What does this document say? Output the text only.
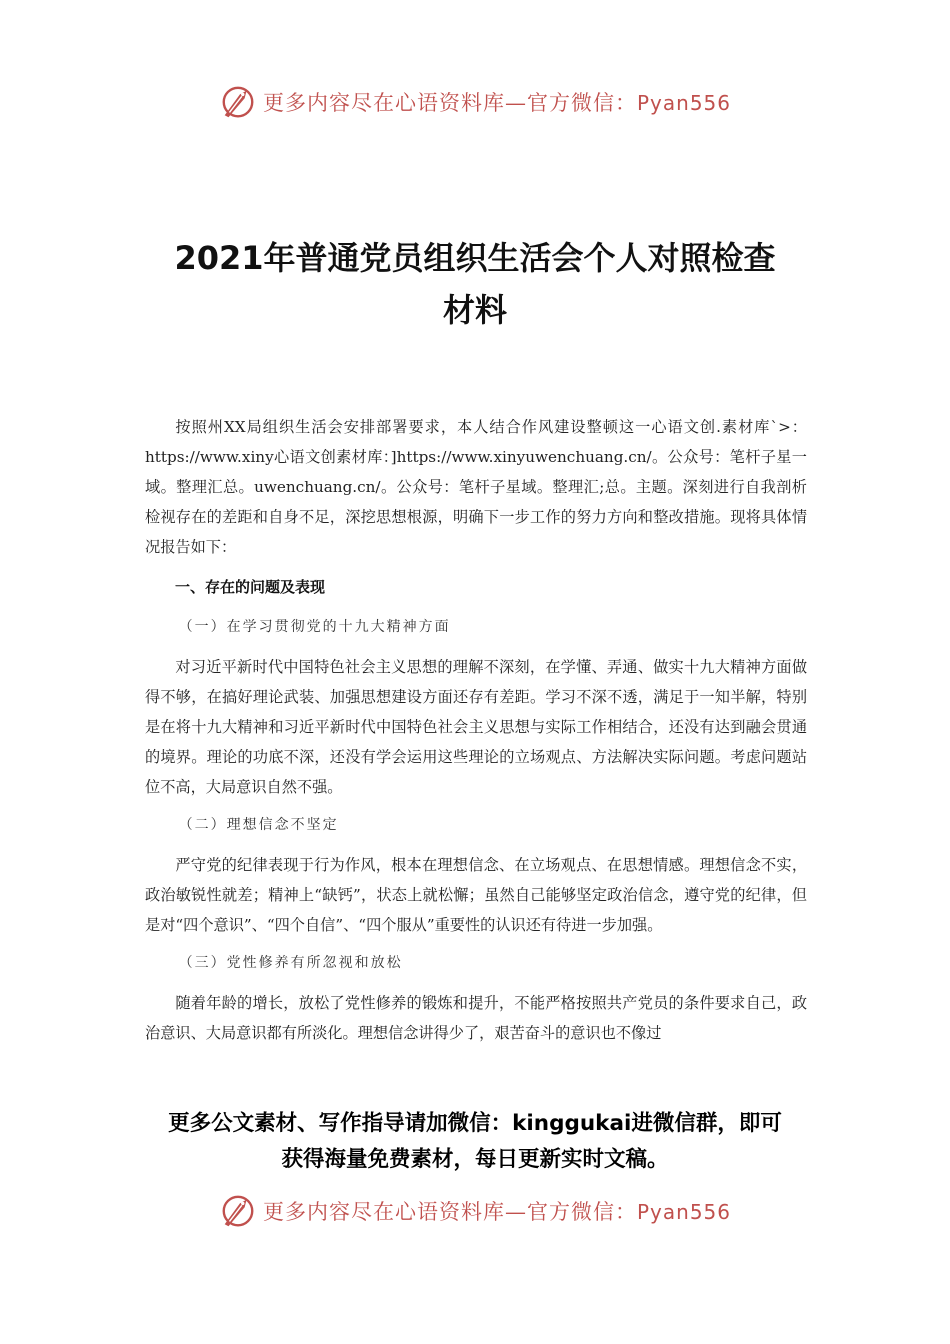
更多内容尽在心语资料库—官方微信：Pyan556
2021年普通党员组织生活会个人对照检查
材料

按照州XX局组织生活会安排部署要求，本人结合作风建设整顿这一心语文创.素材库`>：https://www.xiny心语文创素材库：]https://www.xinyuwenchuang.cn/。公众号：笔杆子星一域。整理汇总。uwenchuang.cn/。公众号：笔杆子星域。整理汇;总。主题。深刻进行自我剖析检视存在的差距和自身不足，深挖思想根源，明确下一步工作的努力方向和整改措施。现将具体情况报告如下：

一、存在的问题及表现
（一）在学习贯彻党的十九大精神方面

对习近平新时代中国特色社会主义思想的理解不深刻，在学懂、弄通、做实十九大精神方面做得不够，在搞好理论武装、加强思想建设方面还存有差距。学习不深不透，满足于一知半解，特别是在将十九大精神和习近平新时代中国特色社会主义思想与实际工作相结合，还没有达到融会贯通的境界。理论的功底不深，还没有学会运用这些理论的立场观点、方法解决实际问题。考虑问题站位不高，大局意识自然不强。

（二）理想信念不坚定

严守党的纪律表现于行为作风，根本在理想信念、在立场观点、在思想情感。理想信念不实，政治敏锐性就差；精神上“缺钙”，状态上就松懈；虽然自己能够坚定政治信念，遵守党的纪律，但是对“四个意识”、“四个自信”、“四个服从”重要性的认识还有待进一步加强。

（三）党性修养有所忽视和放松

随着年龄的增长，放松了党性修养的锻炼和提升，不能严格按照共产党员的条件要求自己，政治意识、大局意识都有所淡化。理想信念讲得少了，艰苦奋斗的意识也不像过

更多公文素材、写作指导请加微信：kinggukai进微信群，即可
获得海量免费素材，每日更新实时文稿。
更多内容尽在心语资料库—官方微信：Pyan556
